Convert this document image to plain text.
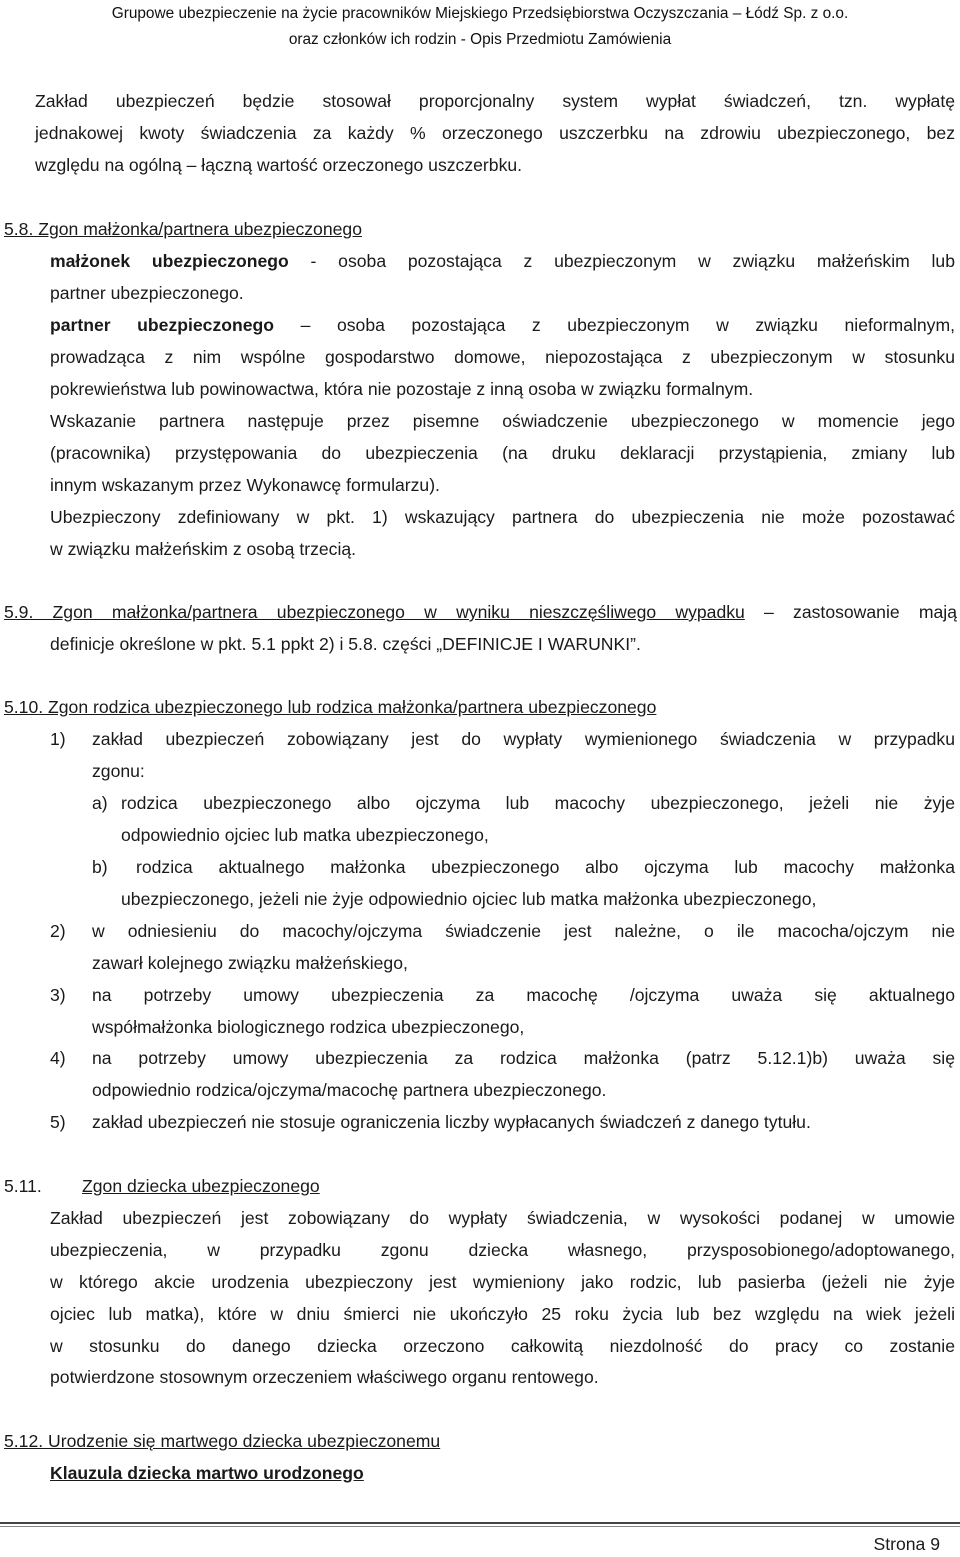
Grupowe ubezpieczenie na życie pracowników Miejskiego Przedsiębiorstwa Oczyszczania – Łódź Sp. z o.o.
oraz członków ich rodzin - Opis Przedmiotu Zamówienia

Zakład ubezpieczeń będzie stosował proporcjonalny system wypłat świadczeń, tzn. wypłatę

jednakowej kwoty świadczenia za każdy % orzeczonego uszczerbku na zdrowiu ubezpieczonego, bez

względu na ogólną – łączną wartość orzeczonego uszczerbku.

5.8. Zgon małżonka/partnera ubezpieczonego

małżonek ubezpieczonego - osoba pozostająca z ubezpieczonym w związku małżeńskim lub

partner ubezpieczonego.

partner ubezpieczonego – osoba pozostająca z ubezpieczonym w związku nieformalnym,

prowadząca z nim wspólne gospodarstwo domowe, niepozostająca z ubezpieczonym w stosunku

pokrewieństwa lub powinowactwa, która nie pozostaje z inną osoba w związku formalnym.

Wskazanie partnera następuje przez pisemne oświadczenie ubezpieczonego w momencie jego

(pracownika) przystępowania do ubezpieczenia (na druku deklaracji przystąpienia, zmiany lub

innym wskazanym przez Wykonawcę formularzu).

Ubezpieczony zdefiniowany w pkt. 1) wskazujący partnera do ubezpieczenia nie może pozostawać

w związku małżeńskim z osobą trzecią.

5.9. Zgon małżonka/partnera ubezpieczonego w wyniku nieszczęśliwego wypadku – zastosowanie mają

definicje określone w pkt. 5.1 ppkt 2) i 5.8. części „DEFINICJE I WARUNKI”.

5.10. Zgon rodzica ubezpieczonego lub rodzica małżonka/partnera ubezpieczonego

1) zakład ubezpieczeń zobowiązany jest do wypłaty wymienionego świadczenia w przypadku

zgonu:

a) rodzica ubezpieczonego albo ojczyma lub macochy ubezpieczonego, jeżeli nie żyje

odpowiednio ojciec lub matka ubezpieczonego,

b) rodzica aktualnego małżonka ubezpieczonego albo ojczyma lub macochy małżonka

ubezpieczonego, jeżeli nie żyje odpowiednio ojciec lub matka małżonka ubezpieczonego,

2) w odniesieniu do macochy/ojczyma świadczenie jest należne, o ile macocha/ojczym nie

zawarł kolejnego związku małżeńskiego,

3) na potrzeby umowy ubezpieczenia za macochę /ojczyma uważa się aktualnego

współmałżonka biologicznego rodzica ubezpieczonego,

4) na potrzeby umowy ubezpieczenia za rodzica małżonka (patrz 5.12.1)b) uważa się

odpowiednio rodzica/ojczyma/macochę partnera ubezpieczonego.

5) zakład ubezpieczeń nie stosuje ograniczenia liczby wypłacanych świadczeń z danego tytułu.

5.11. Zgon dziecka ubezpieczonego

Zakład ubezpieczeń jest zobowiązany do wypłaty świadczenia, w wysokości podanej w umowie

ubezpieczenia, w przypadku zgonu dziecka własnego, przysposobionego/adoptowanego,

w którego akcie urodzenia ubezpieczony jest wymieniony jako rodzic, lub pasierba (jeżeli nie żyje

ojciec lub matka), które w dniu śmierci nie ukończyło 25 roku życia lub bez względu na wiek jeżeli

w stosunku do danego dziecka orzeczono całkowitą niezdolność do pracy co zostanie

potwierdzone stosownym orzeczeniem właściwego organu rentowego.

5.12. Urodzenie się martwego dziecka ubezpieczonemu

Klauzula dziecka martwo urodzonego

Strona 9
